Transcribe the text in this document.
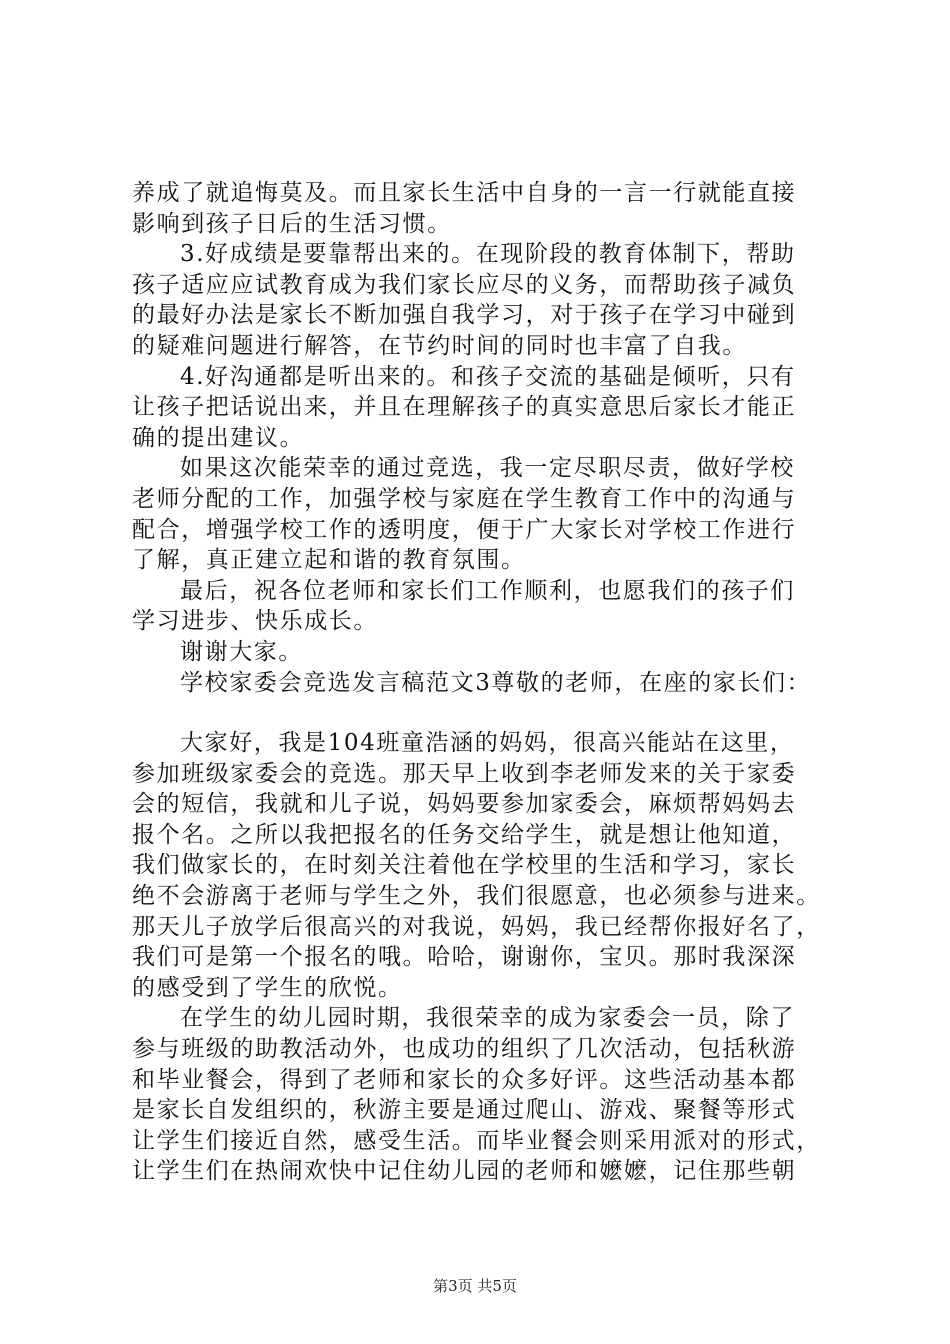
养成了就追悔莫及。而且家长生活中自身的一言一行就能直接
影响到孩子日后的生活习惯。
3.好成绩是要靠帮出来的。在现阶段的教育体制下，帮助
孩子适应应试教育成为我们家长应尽的义务，而帮助孩子减负
的最好办法是家长不断加强自我学习，对于孩子在学习中碰到
的疑难问题进行解答，在节约时间的同时也丰富了自我。
4.好沟通都是听出来的。和孩子交流的基础是倾听，只有
让孩子把话说出来，并且在理解孩子的真实意思后家长才能正
确的提出建议。
如果这次能荣幸的通过竞选，我一定尽职尽责，做好学校
老师分配的工作，加强学校与家庭在学生教育工作中的沟通与
配合，增强学校工作的透明度，便于广大家长对学校工作进行
了解，真正建立起和谐的教育氛围。
最后，祝各位老师和家长们工作顺利，也愿我们的孩子们
学习进步、快乐成长。
谢谢大家。
学校家委会竞选发言稿范文3尊敬的老师，在座的家长们：
大家好，我是104班童浩涵的妈妈，很高兴能站在这里，
参加班级家委会的竞选。那天早上收到李老师发来的关于家委
会的短信，我就和儿子说，妈妈要参加家委会，麻烦帮妈妈去
报个名。之所以我把报名的任务交给学生，就是想让他知道，
我们做家长的，在时刻关注着他在学校里的生活和学习，家长
绝不会游离于老师与学生之外，我们很愿意，也必须参与进来。
那天儿子放学后很高兴的对我说，妈妈，我已经帮你报好名了，
我们可是第一个报名的哦。哈哈，谢谢你，宝贝。那时我深深
的感受到了学生的欣悦。
在学生的幼儿园时期，我很荣幸的成为家委会一员，除了
参与班级的助教活动外，也成功的组织了几次活动，包括秋游
和毕业餐会，得到了老师和家长的众多好评。这些活动基本都
是家长自发组织的，秋游主要是通过爬山、游戏、聚餐等形式
让学生们接近自然，感受生活。而毕业餐会则采用派对的形式，
让学生们在热闹欢快中记住幼儿园的老师和嬷嬷，记住那些朝
第3页 共5页
